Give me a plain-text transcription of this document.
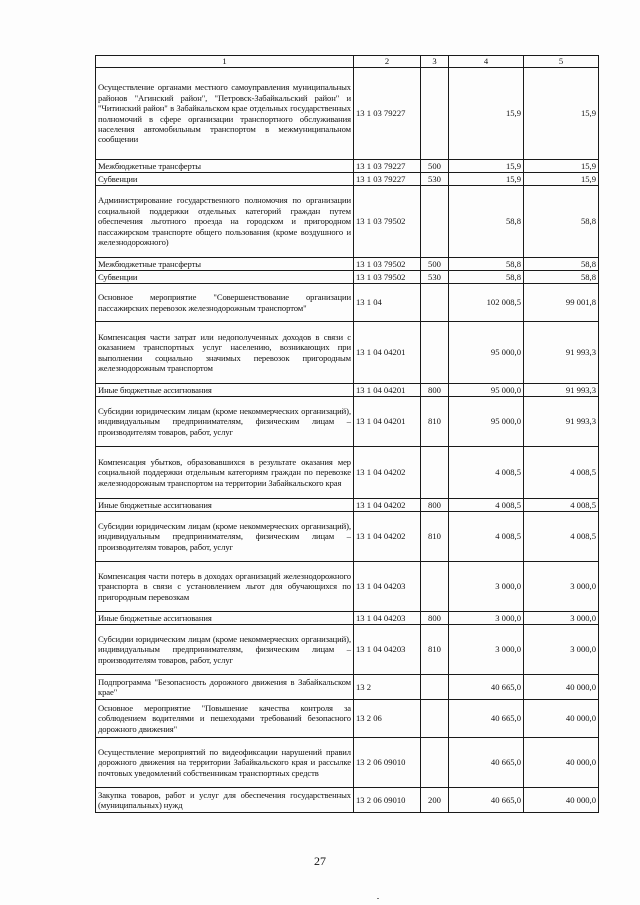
1	2	3	4	5
Осуществление органами местного самоуправления муниципальных районов "Агинский район", "Петровск-Забайкальский район" и "Читинский район" в Забайкальском крае отдельных государственных полномочий в сфере организации транспортного обслуживания населения автомобильным транспортом в межмуниципальном сообщении	13 1 03 79227		15,9	15,9
Межбюджетные трансферты	13 1 03 79227	500	15,9	15,9
Субвенции	13 1 03 79227	530	15,9	15,9
Администрирование государственного полномочия по организации социальной поддержки отдельных категорий граждан путем обеспечения льготного проезда на городском и пригородном пассажирском транспорте общего пользования (кроме воздушного и железнодорожного)	13 1 03 79502		58,8	58,8
Межбюджетные трансферты	13 1 03 79502	500	58,8	58,8
Субвенции	13 1 03 79502	530	58,8	58,8
Основное мероприятие "Совершенствование организации пассажирских перевозок железнодорожным транспортом"	13 1 04		102 008,5	99 001,8
Компенсация части затрат или недополученных доходов в связи с оказанием транспортных услуг населению, возникающих при выполнении социально значимых перевозок пригородным железнодорожным транспортом	13 1 04 04201		95 000,0	91 993,3
Иные бюджетные ассигнования	13 1 04 04201	800	95 000,0	91 993,3
Субсидии юридическим лицам (кроме некоммерческих организаций), индивидуальным предпринимателям, физическим лицам – производителям товаров, работ, услуг	13 1 04 04201	810	95 000,0	91 993,3
Компенсация убытков, образовавшихся в результате оказания мер социальной поддержки отдельным категориям граждан по перевозке железнодорожным транспортом на территории Забайкальского края	13 1 04 04202		4 008,5	4 008,5
Иные бюджетные ассигнования	13 1 04 04202	800	4 008,5	4 008,5
Субсидии юридическим лицам (кроме некоммерческих организаций), индивидуальным предпринимателям, физическим лицам – производителям товаров, работ, услуг	13 1 04 04202	810	4 008,5	4 008,5
Компенсация части потерь в доходах организаций железнодорожного транспорта в связи с установлением льгот для обучающихся по пригородным перевозкам	13 1 04 04203		3 000,0	3 000,0
Иные бюджетные ассигнования	13 1 04 04203	800	3 000,0	3 000,0
Субсидии юридическим лицам (кроме некоммерческих организаций), индивидуальным предпринимателям, физическим лицам – производителям товаров, работ, услуг	13 1 04 04203	810	3 000,0	3 000,0
Подпрограмма "Безопасность дорожного движения в Забайкальском крае"	13 2		40 665,0	40 000,0
Основное мероприятие "Повышение качества контроля за соблюдением водителями и пешеходами требований безопасного дорожного движения"	13 2 06		40 665,0	40 000,0
Осуществление мероприятий по видеофиксации нарушений правил дорожного движения на территории Забайкальского края и рассылке почтовых уведомлений собственникам транспортных средств	13 2 06 09010		40 665,0	40 000,0
Закупка товаров, работ и услуг для обеспечения государственных (муниципальных) нужд	13 2 06 09010	200	40 665,0	40 000,0
27
